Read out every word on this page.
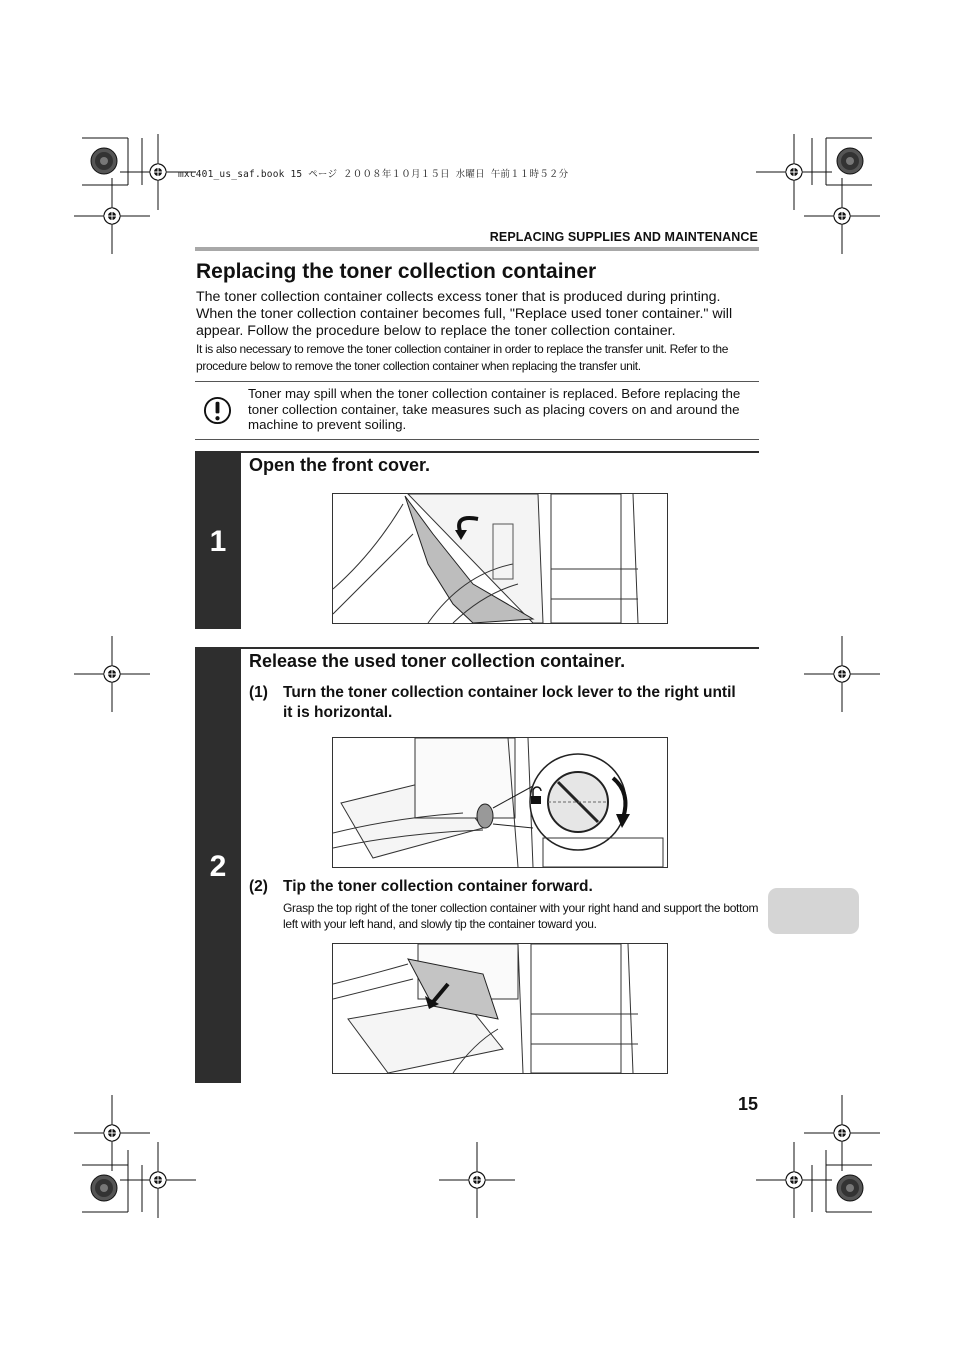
mxc401_us_saf.book 15 ページ ２００８年１０月１５日 水曜日 午前１１時５２分
REPLACING SUPPLIES AND MAINTENANCE
Replacing the toner collection container
The toner collection container collects excess toner that is produced during printing. When the toner collection container becomes full, "Replace used toner container." will appear. Follow the procedure below to replace the toner collection container.
It is also necessary to remove the toner collection container in order to replace the transfer unit. Refer to the procedure below to remove the toner collection container when replacing the transfer unit.
Toner may spill when the toner collection container is replaced. Before replacing the toner collection container, take measures such as placing covers on and around the machine to prevent soiling.
1
Open the front cover.
2
Release the used toner collection container.
(1) Turn the toner collection container lock lever to the right until it is horizontal.
(2) Tip the toner collection container forward.
Grasp the top right of the toner collection container with your right hand and support the bottom left with your left hand, and slowly tip the container toward you.
15
